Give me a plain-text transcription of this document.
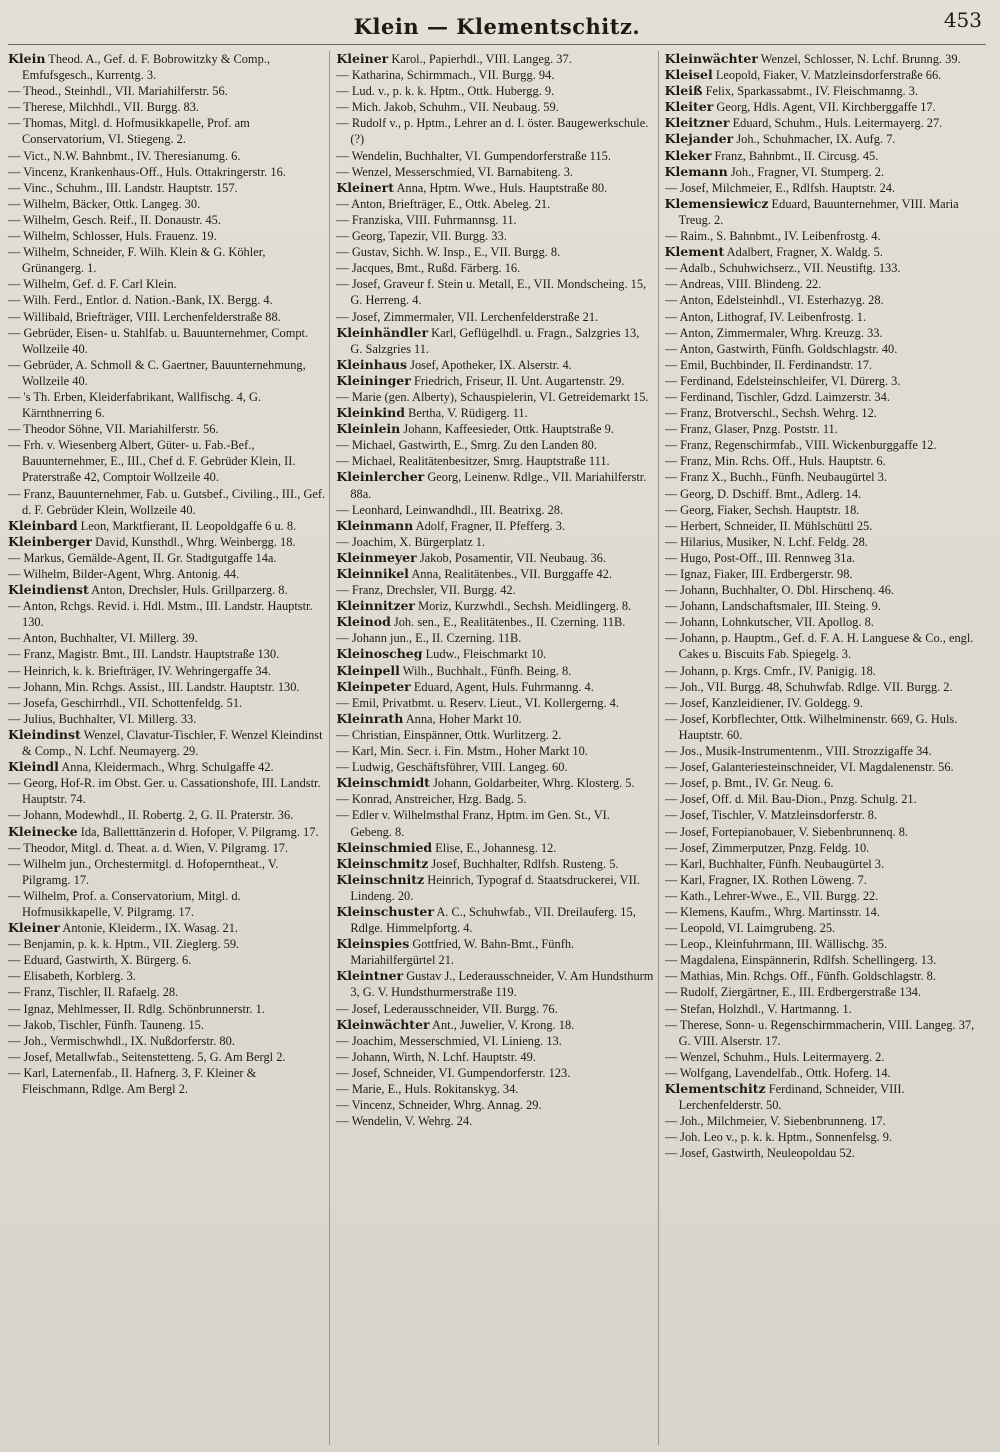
Klein — Klementschitz.	453

Klein Theod. A., Gef. d. F. Bobrowitzky & Comp., Emfufsgesch., Kurrentg. 3.

— Theod., Steinhdl., VII. Mariahilferstr. 56.

— Therese, Milchhdl., VII. Burgg. 83.

— Thomas, Mitgl. d. Hofmusikkapelle, Prof. am Conservatorium, VI. Stiegeng. 2.

— Vict., N.W. Bahnbmt., IV. Theresianumg. 6.

— Vincenz, Krankenhaus-Off., Huls. Ottakringerstr. 16.

— Vinc., Schuhm., III. Landstr. Hauptstr. 157.

— Wilhelm, Bäcker, Ottk. Langeg. 30.

— Wilhelm, Gesch. Reif., II. Donaustr. 45.

— Wilhelm, Schlosser, Huls. Frauenz. 19.

— Wilhelm, Schneider, F. Wilh. Klein & G. Köhler, Grünangerg. 1.

— Wilhelm, Gef. d. F. Carl Klein.

— Wilh. Ferd., Entlor. d. Nation.-Bank, IX. Bergg. 4.

— Willibald, Briefträger, VIII. Lerchenfelderstraße 88.

— Gebrüder, Eisen- u. Stahlfab. u. Bauunternehmer, Compt. Wollzeile 40.

— Gebrüder, A. Schmoll & C. Gaertner, Bauunternehmung, Wollzeile 40.

— 's Th. Erben, Kleiderfabrikant, Wallfischg. 4, G. Kärnthnerring 6.

— Theodor Söhne, VII. Mariahilferstr. 56.

— Frh. v. Wiesenberg Albert, Güter- u. Fab.-Bef., Bauunternehmer, E., III., Chef d. F. Gebrüder Klein, II. Praterstraße 42, Comptoir Wollzeile 40.

— Franz, Bauunternehmer, Fab. u. Gutsbef., Civiling., III., Gef. d. F. Gebrüder Klein, Wollzeile 40.

Kleinbard Leon, Marktfierant, II. Leopoldgaffe 6 u. 8.

Kleinberger David, Kunsthdl., Whrg. Weinbergg. 18.

— Markus, Gemälde-Agent, II. Gr. Stadtgutgaffe 14a.

— Wilhelm, Bilder-Agent, Whrg. Antonig. 44.

Kleindienst Anton, Drechsler, Huls. Grillparzerg. 8.

— Anton, Rchgs. Revid. i. Hdl. Mstm., III. Landstr. Hauptstr. 130.

— Anton, Buchhalter, VI. Millerg. 39.

— Franz, Magistr. Bmt., III. Landstr. Hauptstraße 130.

— Heinrich, k. k. Briefträger, IV. Wehringergaffe 34.

— Johann, Min. Rchgs. Assist., III. Landstr. Hauptstr. 130.

— Josefa, Geschirrhdl., VII. Schottenfeldg. 51.

— Julius, Buchhalter, VI. Millerg. 33.

Kleindinst Wenzel, Clavatur-Tischler, F. Wenzel Kleindinst & Comp., N. Lchf. Neumayerg. 29.

Kleindl Anna, Kleidermach., Whrg. Schulgaffe 42.

— Georg, Hof-R. im Obst. Ger. u. Cassationshofe, III. Landstr. Hauptstr. 74.

— Johann, Modewhdl., II. Robertg. 2, G. II. Praterstr. 36.

Kleinecke Ida, Balletttänzerin d. Hofoper, V. Pilgramg. 17.

— Theodor, Mitgl. d. Theat. a. d. Wien, V. Pilgramg. 17.

— Wilhelm jun., Orchestermitgl. d. Hofoperntheat., V. Pilgramg. 17.

— Wilhelm, Prof. a. Conservatorium, Mitgl. d. Hofmusikkapelle, V. Pilgramg. 17.

Kleiner Antonie, Kleiderm., IX. Wasag. 21.

— Benjamin, p. k. k. Hptm., VII. Zieglerg. 59.

— Eduard, Gastwirth, X. Bürgerg. 6.

— Elisabeth, Korblerg. 3.

— Franz, Tischler, II. Rafaelg. 28.

— Ignaz, Mehlmesser, II. Rdlg. Schönbrunnerstr. 1.

— Jakob, Tischler, Fünfh. Tauneng. 15.

— Joh., Vermischwhdl., IX. Nußdorferstr. 80.

— Josef, Metallwfab., Seitenstetteng. 5, G. Am Bergl 2.

— Karl, Laternenfab., II. Hafnerg. 3, F. Kleiner & Fleischmann, Rdlge. Am Bergl 2.

Kleiner Karol., Papierhdl., VIII. Langeg. 37.

— Katharina, Schirmmach., VII. Burgg. 94.

— Lud. v., p. k. k. Hptm., Ottk. Hubergg. 9.

— Mich. Jakob, Schuhm., VII. Neubaug. 59.

— Rudolf v., p. Hptm., Lehrer an d. I. öster. Baugewerkschule. (?)

— Wendelin, Buchhalter, VI. Gumpendorferstraße 115.

— Wenzel, Messerschmied, VI. Barnabiteng. 3.

Kleinert Anna, Hptm. Wwe., Huls. Hauptstraße 80.

— Anton, Briefträger, E., Ottk. Abeleg. 21.

— Franziska, VIII. Fuhrmannsg. 11.

— Georg, Tapezir, VII. Burgg. 33.

— Gustav, Sichh. W. Insp., E., VII. Burgg. 8.

— Jacques, Bmt., Rußd. Färberg. 16.

— Josef, Graveur f. Stein u. Metall, E., VII. Mondscheing. 15, G. Herreng. 4.

— Josef, Zimmermaler, VII. Lerchenfelderstraße 21.

Kleinhändler Karl, Geflügelhdl. u. Fragn., Salzgries 13, G. Salzgries 11.

Kleinhaus Josef, Apotheker, IX. Alserstr. 4.

Kleininger Friedrich, Friseur, II. Unt. Augartenstr. 29.

— Marie (gen. Alberty), Schauspielerin, VI. Getreidemarkt 15.

Kleinkind Bertha, V. Rüdigerg. 11.

Kleinlein Johann, Kaffeesieder, Ottk. Hauptstraße 9.

— Michael, Gastwirth, E., Smrg. Zu den Landen 80.

— Michael, Realitätenbesitzer, Smrg. Hauptstraße 111.

Kleinlercher Georg, Leinenw. Rdlge., VII. Mariahilferstr. 88a.

— Leonhard, Leinwandhdl., III. Beatrixg. 28.

Kleinmann Adolf, Fragner, II. Pfefferg. 3.

— Joachim, X. Bürgerplatz 1.

Kleinmeyer Jakob, Posamentir, VII. Neubaug. 36.

Kleinnikel Anna, Realitätenbes., VII. Burggaffe 42.

— Franz, Drechsler, VII. Burgg. 42.

Kleinnitzer Moriz, Kurzwhdl., Sechsh. Meidlingerg. 8.

Kleinod Joh. sen., E., Realitätenbes., II. Czerning. 11B.

— Johann jun., E., II. Czerning. 11B.

Kleinoscheg Ludw., Fleischmarkt 10.

Kleinpell Wilh., Buchhalt., Fünfh. Being. 8.

Kleinpeter Eduard, Agent, Huls. Fuhrmanng. 4.

— Emil, Privatbmt. u. Reserv. Lieut., VI. Kollergerng. 4.

Kleinrath Anna, Hoher Markt 10.

— Christian, Einspänner, Ottk. Wurlitzerg. 2.

— Karl, Min. Secr. i. Fin. Mstm., Hoher Markt 10.

— Ludwig, Geschäftsführer, VIII. Langeg. 60.

Kleinschmidt Johann, Goldarbeiter, Whrg. Klosterg. 5.

— Konrad, Anstreicher, Hzg. Badg. 5.

— Edler v. Wilhelmsthal Franz, Hptm. im Gen. St., VI. Gebeng. 8.

Kleinschmied Elise, E., Johannesg. 12.

Kleinschmitz Josef, Buchhalter, Rdlfsh. Rusteng. 5.

Kleinschnitz Heinrich, Typograf d. Staatsdruckerei, VII. Lindeng. 20.

Kleinschuster A. C., Schuhwfab., VII. Dreilauferg. 15, Rdlge. Himmelpfortg. 4.

Kleinspies Gottfried, W. Bahn-Bmt., Fünfh. Mariahilfergürtel 21.

Kleintner Gustav J., Lederausschneider, V. Am Hundsthurm 3, G. V. Hundsthurmerstraße 119.

— Josef, Lederausschneider, VII. Burgg. 76.

Kleinwächter Ant., Juwelier, V. Krong. 18.

— Joachim, Messerschmied, VI. Linieng. 13.

— Johann, Wirth, N. Lchf. Hauptstr. 49.

— Josef, Schneider, VI. Gumpendorferstr. 123.

— Marie, E., Huls. Rokitanskyg. 34.

— Vincenz, Schneider, Whrg. Annag. 29.

— Wendelin, V. Wehrg. 24.

Kleinwächter Wenzel, Schlosser, N. Lchf. Brunng. 39.

Kleisel Leopold, Fiaker, V. Matzleinsdorferstraße 66.

Kleiß Felix, Sparkassabmt., IV. Fleischmanng. 3.

Kleiter Georg, Hdls. Agent, VII. Kirchberggaffe 17.

Kleitzner Eduard, Schuhm., Huls. Leitermayerg. 27.

Klejander Joh., Schuhmacher, IX. Aufg. 7.

Kleker Franz, Bahnbmt., II. Circusg. 45.

Klemann Joh., Fragner, VI. Stumperg. 2.

— Josef, Milchmeier, E., Rdlfsh. Hauptstr. 24.

Klemensiewicz Eduard, Bauunternehmer, VIII. Maria Treug. 2.

— Raim., S. Bahnbmt., IV. Leibenfrostg. 4.

Klement Adalbert, Fragner, X. Waldg. 5.

— Adalb., Schuhwichserz., VII. Neustiftg. 133.

— Andreas, VIII. Blindeng. 22.

— Anton, Edelsteinhdl., VI. Esterhazyg. 28.

— Anton, Lithograf, IV. Leibenfrostg. 1.

— Anton, Zimmermaler, Whrg. Kreuzg. 33.

— Anton, Gastwirth, Fünfh. Goldschlagstr. 40.

— Emil, Buchbinder, II. Ferdinandstr. 17.

— Ferdinand, Edelsteinschleifer, VI. Dürerg. 3.

— Ferdinand, Tischler, Gdzd. Laimzerstr. 34.

— Franz, Brotverschl., Sechsh. Wehrg. 12.

— Franz, Glaser, Pnzg. Poststr. 11.

— Franz, Regenschirmfab., VIII. Wickenburggaffe 12.

— Franz, Min. Rchs. Off., Huls. Hauptstr. 6.

— Franz X., Buchh., Fünfh. Neubaugürtel 3.

— Georg, D. Dschiff. Bmt., Adlerg. 14.

— Georg, Fiaker, Sechsh. Hauptstr. 18.

— Herbert, Schneider, II. Mühlschüttl 25.

— Hilarius, Musiker, N. Lchf. Feldg. 28.

— Hugo, Post-Off., III. Rennweg 31a.

— Ignaz, Fiaker, III. Erdbergerstr. 98.

— Johann, Buchhalter, O. Dbl. Hirschenq. 46.

— Johann, Landschaftsmaler, III. Steing. 9.

— Johann, Lohnkutscher, VII. Apollog. 8.

— Johann, p. Hauptm., Gef. d. F. A. H. Languese & Co., engl. Cakes u. Biscuits Fab. Spiegelg. 3.

— Johann, p. Krgs. Cmfr., IV. Panigig. 18.

— Joh., VII. Burgg. 48, Schuhwfab. Rdlge. VII. Burgg. 2.

— Josef, Kanzleidiener, IV. Goldegg. 9.

— Josef, Korbflechter, Ottk. Wilhelminenstr. 669, G. Huls. Hauptstr. 60.

— Jos., Musik-Instrumentenm., VIII. Strozzigaffe 34.

— Josef, Galanteriesteinschneider, VI. Magdalenenstr. 56.

— Josef, p. Bmt., IV. Gr. Neug. 6.

— Josef, Off. d. Mil. Bau-Dion., Pnzg. Schulg. 21.

— Josef, Tischler, V. Matzleinsdorferstr. 8.

— Josef, Fortepianobauer, V. Siebenbrunnenq. 8.

— Josef, Zimmerputzer, Pnzg. Feldg. 10.

— Karl, Buchhalter, Fünfh. Neubaugürtel 3.

— Karl, Fragner, IX. Rothen Löweng. 7.

— Kath., Lehrer-Wwe., E., VII. Burgg. 22.

— Klemens, Kaufm., Whrg. Martinsstr. 14.

— Leopold, VI. Laimgrubeng. 25.

— Leop., Kleinfuhrmann, III. Wällischg. 35.

— Magdalena, Einspännerin, Rdlfsh. Schellingerg. 13.

— Mathias, Min. Rchgs. Off., Fünfh. Goldschlagstr. 8.

— Rudolf, Ziergärtner, E., III. Erdbergerstraße 134.

— Stefan, Holzhdl., V. Hartmanng. 1.

— Therese, Sonn- u. Regenschirmmacherin, VIII. Langeg. 37, G. VIII. Alserstr. 17.

— Wenzel, Schuhm., Huls. Leitermayerg. 2.

— Wolfgang, Lavendelfab., Ottk. Hoferg. 14.

Klementschitz Ferdinand, Schneider, VIII. Lerchenfelderstr. 50.

— Joh., Milchmeier, V. Siebenbrunneng. 17.

— Joh. Leo v., p. k. k. Hptm., Sonnenfelsg. 9.

— Josef, Gastwirth, Neuleopoldau 52.
